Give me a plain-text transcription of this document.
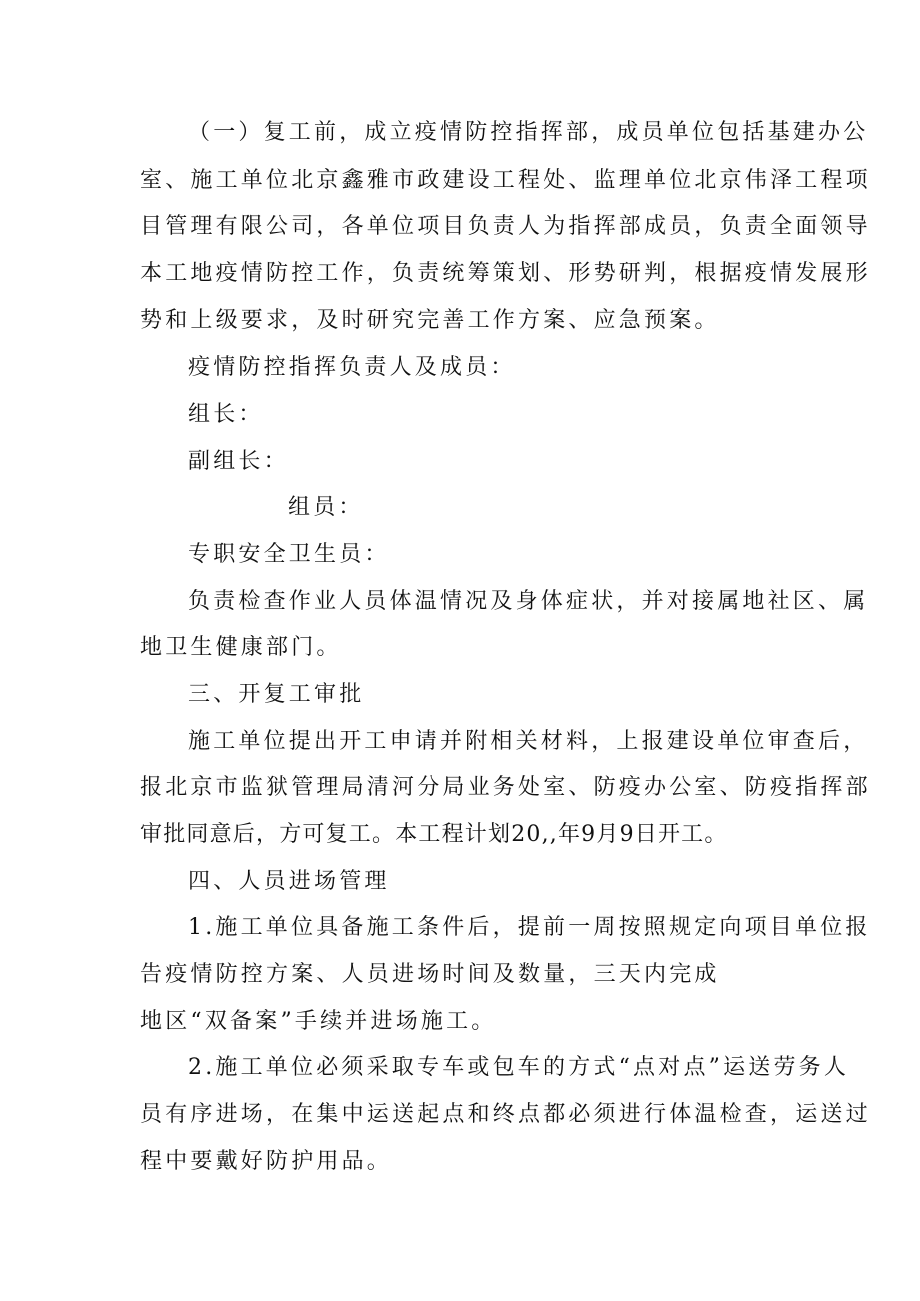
（一）复工前，成立疫情防控指挥部，成员单位包括基建办公
室、施工单位北京鑫雅市政建设工程处、监理单位北京伟泽工程项
目管理有限公司，各单位项目负责人为指挥部成员，负责全面领导
本工地疫情防控工作，负责统筹策划、形势研判，根据疫情发展形
势和上级要求，及时研究完善工作方案、应急预案。
疫情防控指挥负责人及成员：
组长：
副组长：
组员：
专职安全卫生员：
负责检查作业人员体温情况及身体症状，并对接属地社区、属
地卫生健康部门。
三、开复工审批
施工单位提出开工申请并附相关材料，上报建设单位审查后，
报北京市监狱管理局清河分局业务处室、防疫办公室、防疫指挥部
审批同意后，方可复工。本工程计划20,,年9月9日开工。
四、人员进场管理
1.施工单位具备施工条件后，提前一周按照规定向项目单位报
告疫情防控方案、人员进场时间及数量，三天内完成
地区“双备案”手续并进场施工。
2.施工单位必须采取专车或包车的方式“点对点”运送劳务人
员有序进场，在集中运送起点和终点都必须进行体温检查，运送过
程中要戴好防护用品。
